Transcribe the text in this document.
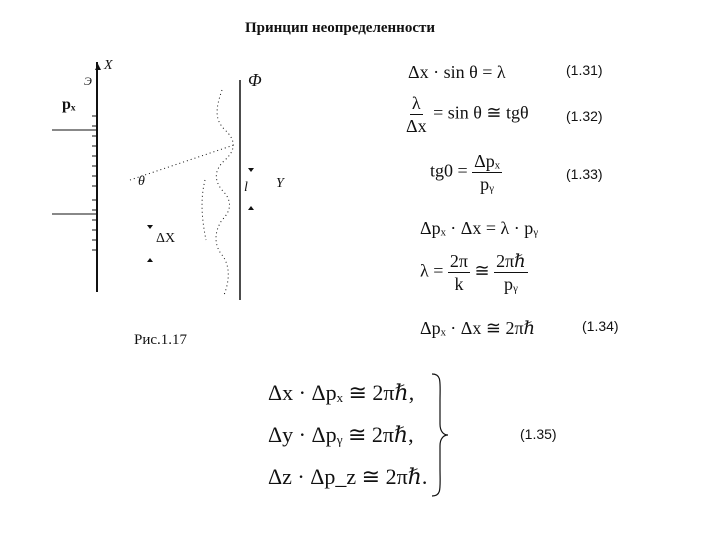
Принцип неопределенности
X
Э
pₓ
θ
Φ
l Y
ΔX
Рис.1.17
Δx · sin θ = λ	(1.31)
$\frac{\lambda}{\Delta x} = \sin \theta$ ≅ tgθ	(1.32)
$tg0 = \frac{\text{Δpₓ}}{\text{pᵧ}}$	(1.33)
Δpₓ · Δx = λ · pᵧ
$\lambda = \frac{2\pi}{k}$ ≅ $\frac{\text{2πℏ}}{\text{pᵧ}}$
Δpₓ · Δx ≅ 2πℏ	(1.34)
Δx · Δpₓ ≅ 2πℏ,
Δy · Δpᵧ ≅ 2πℏ,
Δz · Δp_z ≅ 2πℏ.
(1.35)
